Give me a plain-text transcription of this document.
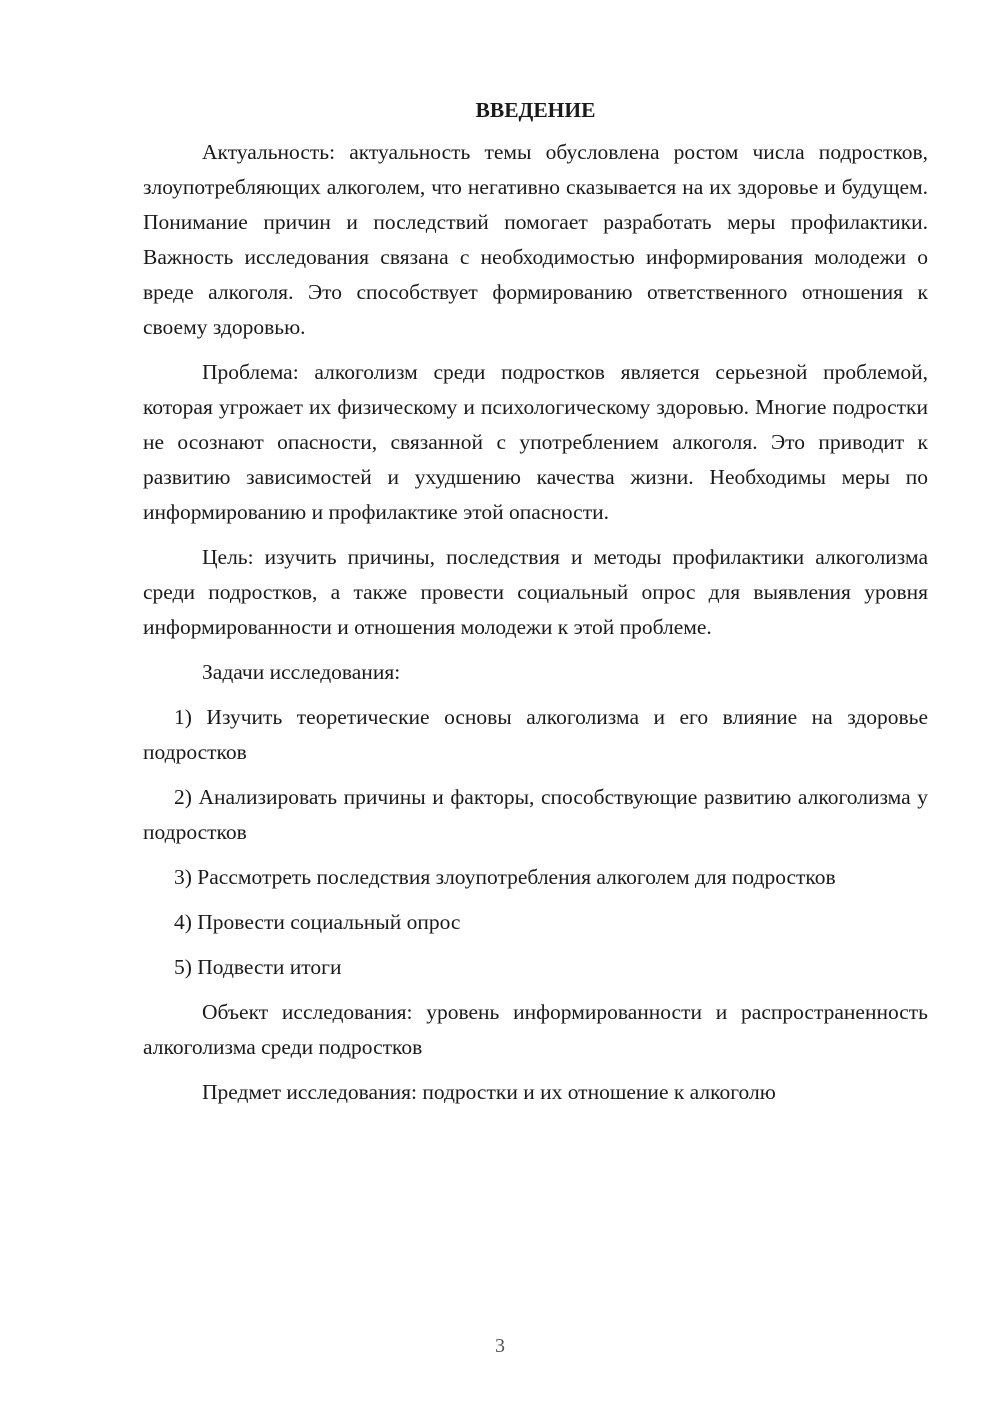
ВВЕДЕНИЕ

Актуальность: актуальность темы обусловлена ростом числа подростков, злоупотребляющих алкоголем, что негативно сказывается на их здоровье и будущем. Понимание причин и последствий помогает разработать меры профилактики. Важность исследования связана с необходимостью информирования молодежи о вреде алкоголя. Это способствует формированию ответственного отношения к своему здоровью.

Проблема: алкоголизм среди подростков является серьезной проблемой, которая угрожает их физическому и психологическому здоровью. Многие подростки не осознают опасности, связанной с употреблением алкоголя. Это приводит к развитию зависимостей и ухудшению качества жизни. Необходимы меры по информированию и профилактике этой опасности.

Цель: изучить причины, последствия и методы профилактики алкоголизма среди подростков, а также провести социальный опрос для выявления уровня информированности и отношения молодежи к этой проблеме.

Задачи исследования:

1) Изучить теоретические основы алкоголизма и его влияние на здоровье подростков

2) Анализировать причины и факторы, способствующие развитию алкоголизма у подростков

3) Рассмотреть последствия злоупотребления алкоголем для подростков

4) Провести социальный опрос

5) Подвести итоги

Объект исследования: уровень информированности и распространенность алкоголизма среди подростков

Предмет исследования: подростки и их отношение к алкоголю

3
